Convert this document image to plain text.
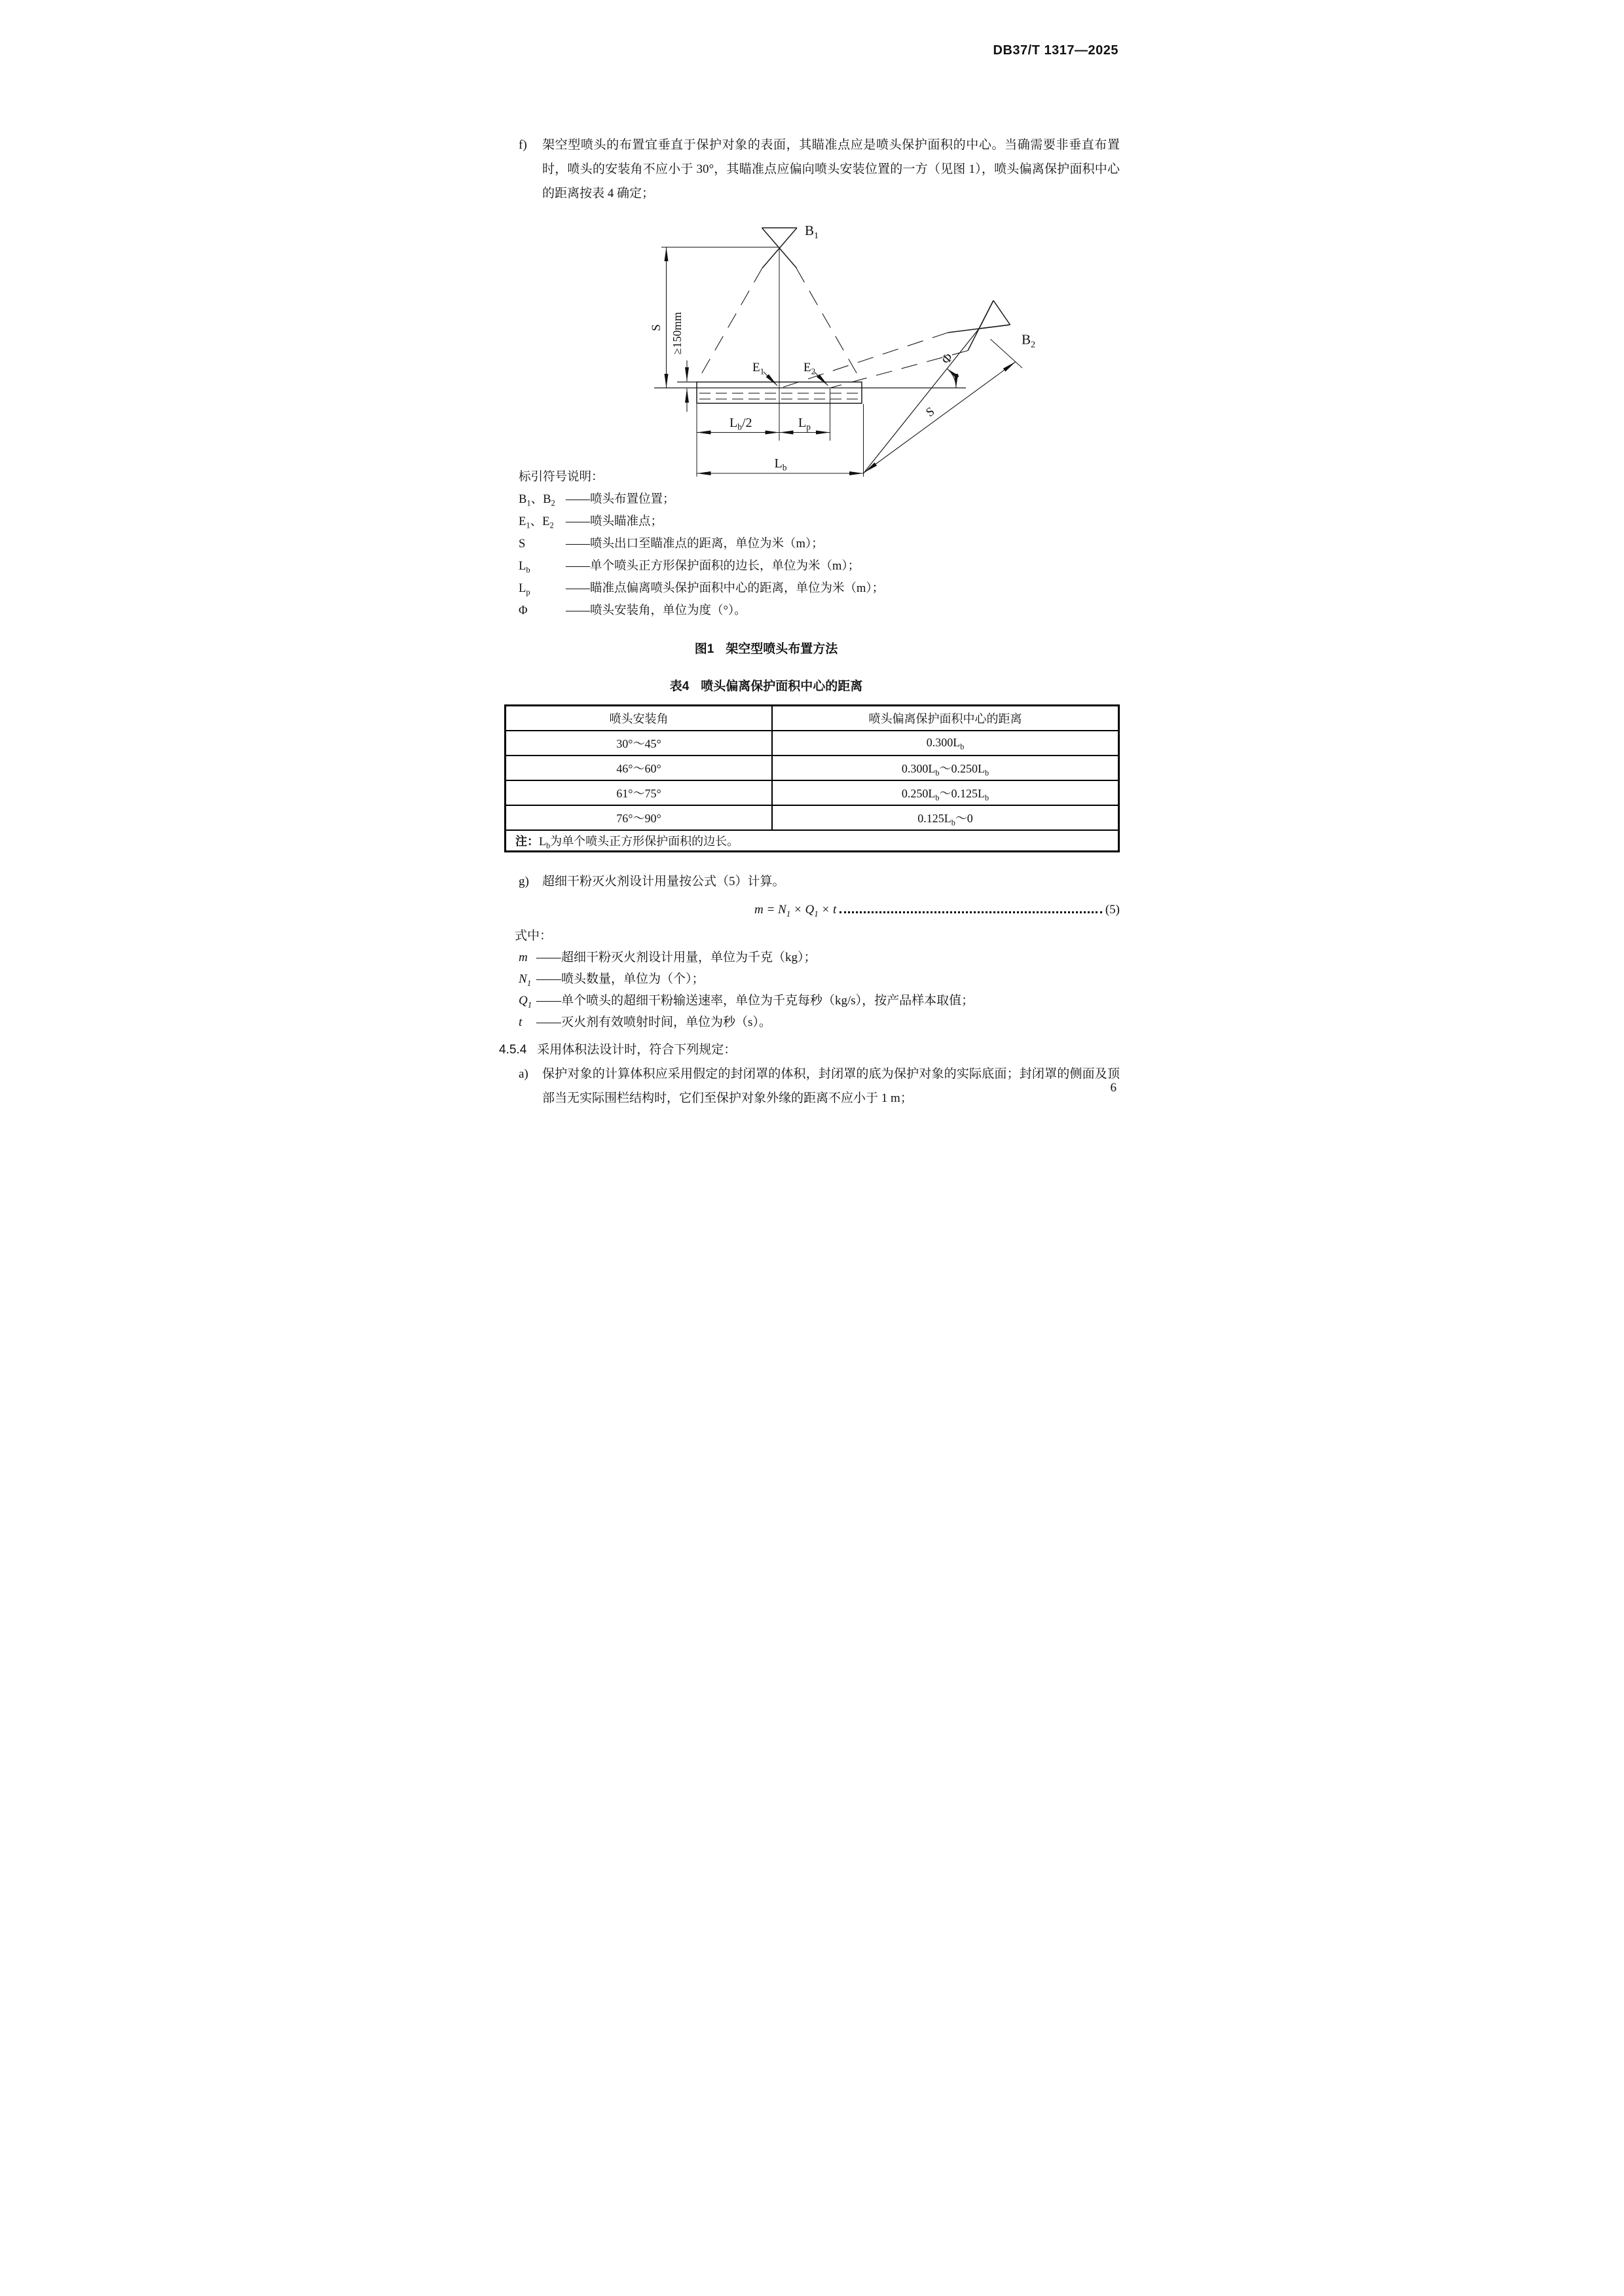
DB37/T 1317—2025
f)	架空型喷头的布置宜垂直于保护对象的表面，其瞄准点应是喷头保护面积的中心。当确需要非垂直布置时，喷头的安装角不应小于 30°，其瞄准点应偏向喷头安装位置的一方（见图 1），喷头偏离保护面积中心的距离按表 4 确定；
$B_1$
$B_2$
$E_1$ $E_2$
S ≥150mm
$L_b/2$ $L_p$
$L_b$
S
Φ
标引符号说明：
$B_1$、$B_2$ ——喷头布置位置；
$E_1$、$E_2$ ——喷头瞄准点；
S	——喷头出口至瞄准点的距离，单位为米（m）；
$L_b$	——单个喷头正方形保护面积的边长，单位为米（m）；
$L_p$	——瞄准点偏离喷头保护面积中心的距离，单位为米（m）；
Φ	——喷头安装角，单位为度（°）。
图1 架空型喷头布置方法
表4 喷头偏离保护面积中心的距离
喷头安装角	喷头偏离保护面积中心的距离
30°～45°	$0.300L_b$
46°～60°	$0.300L_b\sim 0.250L_b$
61°～75°	$0.250L_b\sim 0.125L_b$
76°～90°	$0.125L_b\sim 0$
注：$L_b$为单个喷头正方形保护面积的边长。	
g)	超细干粉灭火剂设计用量按公式（5）计算。
$m = N_1 \times Q_1 \times t$	(5)
式中：
m ——超细干粉灭火剂设计用量，单位为千克（kg）；
$N_1$ ——喷头数量，单位为（个）；
$Q_1$ ——单个喷头的超细干粉输送速率，单位为千克每秒（kg/s），按产品样本取值；
t	——灭火剂有效喷射时间，单位为秒（s）。
4.5.4 采用体积法设计时，符合下列规定：
a)	保护对象的计算体积应采用假定的封闭罩的体积，封闭罩的底为保护对象的实际底面；封闭罩的侧面及顶部当无实际围栏结构时，它们至保护对象外缘的距离不应小于 1 m；
6
